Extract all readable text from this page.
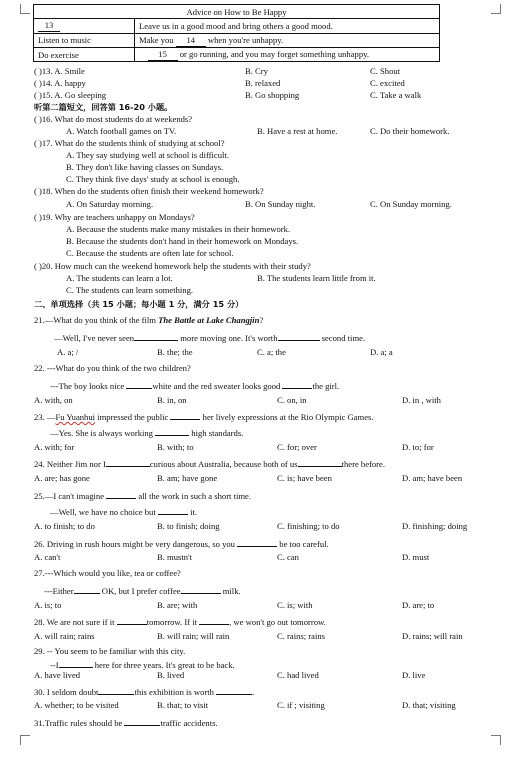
Advice on How to Be Happy	
13	Leave us in a good mood and bring others a good mood.
Listen to music	Make you 14 when you're unhappy.
Do exercise	15 or go running, and you may forget something unhappy.
( )13. A. Smile	B. Cry	C. Shout
( )14. A. happy	B. relaxed	C. excited
( )15. A. Go sleeping	B. Go shopping	C. Take a walk
听第二篇短文，回答第 16-20 小题。
( )16. What do most students do at weekends?
A. Watch football games on TV.	B. Have a rest at home.	C. Do their homework.
( )17. What do the students think of studying at school?
A. They say studying well at school is difficult.
B. They don't like having classes on Sundays.
C. They think five days' study at school is enough.
( )18. When do the students often finish their weekend homework?
A. On Saturday morning.	B. On Sunday night.	C. On Sunday morning.
( )19. Why are teachers unhappy on Mondays?
A. Because the students make many mistakes in their homework.
B. Because the students don't hand in their homework on Mondays.
C. Because the students are often late for school.
( )20. How much can the weekend homework help the students with their study?
A. The students can learn a lot.	B. The students learn little from it.
C. The students can learn something.
二、单项选择（共 15 小题；每小题 1 分，满分 15 分）
21.—What do you think of the film The Battle at Lake Changjin?
—Well, I've never seen	more moving one. It's worth	second time.
A. a; /	B. the; the	C. a; the	D. a; a
22. ---What do you think of the two children?
---The boy looks nice	white and the red sweater looks good	the girl.
A. with, on	B. in, on	C. on, in	D. in , with
23. —Fu Yuanhui impressed the public	her lively expressions at the Rio Olympic Games.
—Yes. She is always working	high standards.
A. with; for	B. with; to	C. for; over	D. to; for
24. Neither Jim nor I	curious about Australia, because both of us	there before.
A. are; has gone	B. am; have gone	C. is; have been	D. am; have been
25.—I can't imagine	all the work in such a short time.
—Well, we have no choice but	it.
A. to finish; to do	B. to finish; doing	C. finishing; to do	D. finishing; doing
26. Driving in rush hours might be very dangerous, so you	be too careful.
A. can't	B. mustn't	C. can	D. must
27.---Which would you like, tea or coffee?
---Either	OK, but I prefer coffee	milk.
A. is; to	B. are; with	C. is; with	D. are; to
28. We are not sure if it	tomorrow. If it	, we won't go out tomorrow.
A. will rain; rains	B. will rain; will rain	C. rains; rains	D. rains; will rain
29. -- You seem to be familiar with this city.
--I	here for three years. It's great to be back.
A. have lived	B. lived	C. had lived	D. live
30. I seldom doubt	this exhibition is worth	.
A. whether; to be visited	B. that; to visit	C. if ; visiting	D. that; visiting
31.Traffic rules should be	traffic accidents.
